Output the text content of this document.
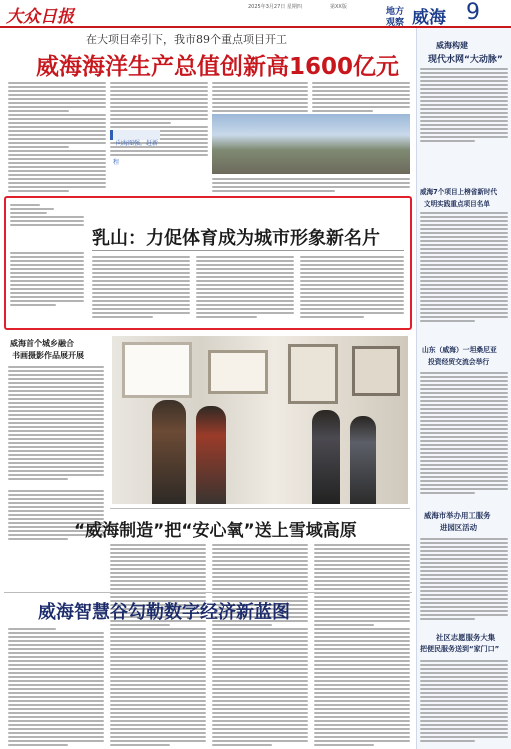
大众日报	2025年3月27日 星期四	第XX版	地方
观察 威海 9
在大项目牵引下，我市89个重点项目开工
威海海洋生产总值创新高1600亿元
向海图强，赶新程
威海构建
现代水网“大动脉”
威海7个项目上榜省新时代
文明实践重点项目名单
山东（威海）一坦桑尼亚
投资经贸交流会举行
威海市举办用工服务
进园区活动
社区志愿服务大集
把便民服务送到“家门口”
乳山：力促体育成为城市形象新名片
威海首个城乡融合
书画摄影作品展开展
“威海制造”把“安心氧”送上雪域高原
威海智慧谷勾勒数字经济新蓝图
